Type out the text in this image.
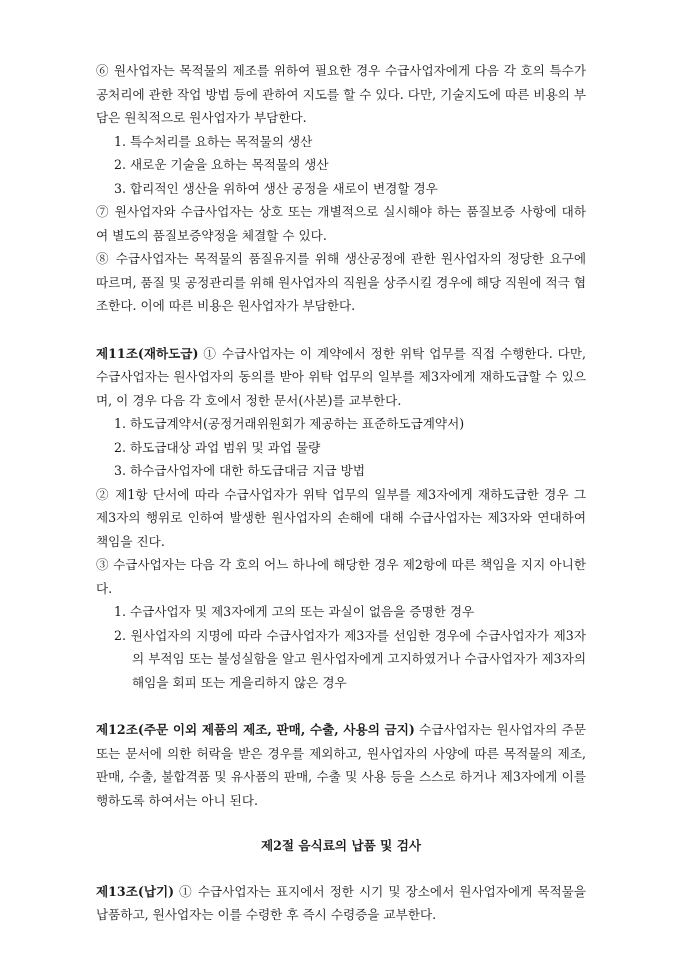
⑥ 원사업자는 목적물의 제조를 위하여 필요한 경우 수급사업자에게 다음 각 호의 특수가공처리에 관한 작업 방법 등에 관하여 지도를 할 수 있다. 다만, 기술지도에 따른 비용의 부담은 원칙적으로 원사업자가 부담한다.

1. 특수처리를 요하는 목적물의 생산

2. 새로운 기술을 요하는 목적물의 생산

3. 합리적인 생산을 위하여 생산 공정을 새로이 변경할 경우

⑦ 원사업자와 수급사업자는 상호 또는 개별적으로 실시해야 하는 품질보증 사항에 대하여 별도의 품질보증약정을 체결할 수 있다.

⑧ 수급사업자는 목적물의 품질유지를 위해 생산공정에 관한 원사업자의 정당한 요구에 따르며, 품질 및 공정관리를 위해 원사업자의 직원을 상주시킬 경우에 해당 직원에 적극 협조한다. 이에 따른 비용은 원사업자가 부담한다.

제11조(재하도급) ① 수급사업자는 이 계약에서 정한 위탁 업무를 직접 수행한다. 다만, 수급사업자는 원사업자의 동의를 받아 위탁 업무의 일부를 제3자에게 재하도급할 수 있으며, 이 경우 다음 각 호에서 정한 문서(사본)를 교부한다.

1. 하도급계약서(공정거래위원회가 제공하는 표준하도급계약서)

2. 하도급대상 과업 범위 및 과업 물량

3. 하수급사업자에 대한 하도급대금 지급 방법

② 제1항 단서에 따라 수급사업자가 위탁 업무의 일부를 제3자에게 재하도급한 경우 그 제3자의 행위로 인하여 발생한 원사업자의 손해에 대해 수급사업자는 제3자와 연대하여 책임을 진다.

③ 수급사업자는 다음 각 호의 어느 하나에 해당한 경우 제2항에 따른 책임을 지지 아니한다.

1. 수급사업자 및 제3자에게 고의 또는 과실이 없음을 증명한 경우

2. 원사업자의 지명에 따라 수급사업자가 제3자를 선임한 경우에 수급사업자가 제3자의 부적임 또는 불성실함을 알고 원사업자에게 고지하였거나 수급사업자가 제3자의 해임을 회피 또는 게을리하지 않은 경우

제12조(주문 이외 제품의 제조, 판매, 수출, 사용의 금지) 수급사업자는 원사업자의 주문 또는 문서에 의한 허락을 받은 경우를 제외하고, 원사업자의 사양에 따른 목적물의 제조, 판매, 수출, 불합격품 및 유사품의 판매, 수출 및 사용 등을 스스로 하거나 제3자에게 이를 행하도록 하여서는 아니 된다.

제2절 음식료의 납품 및 검사

제13조(납기) ① 수급사업자는 표지에서 정한 시기 및 장소에서 원사업자에게 목적물을 납품하고, 원사업자는 이를 수령한 후 즉시 수령증을 교부한다.
